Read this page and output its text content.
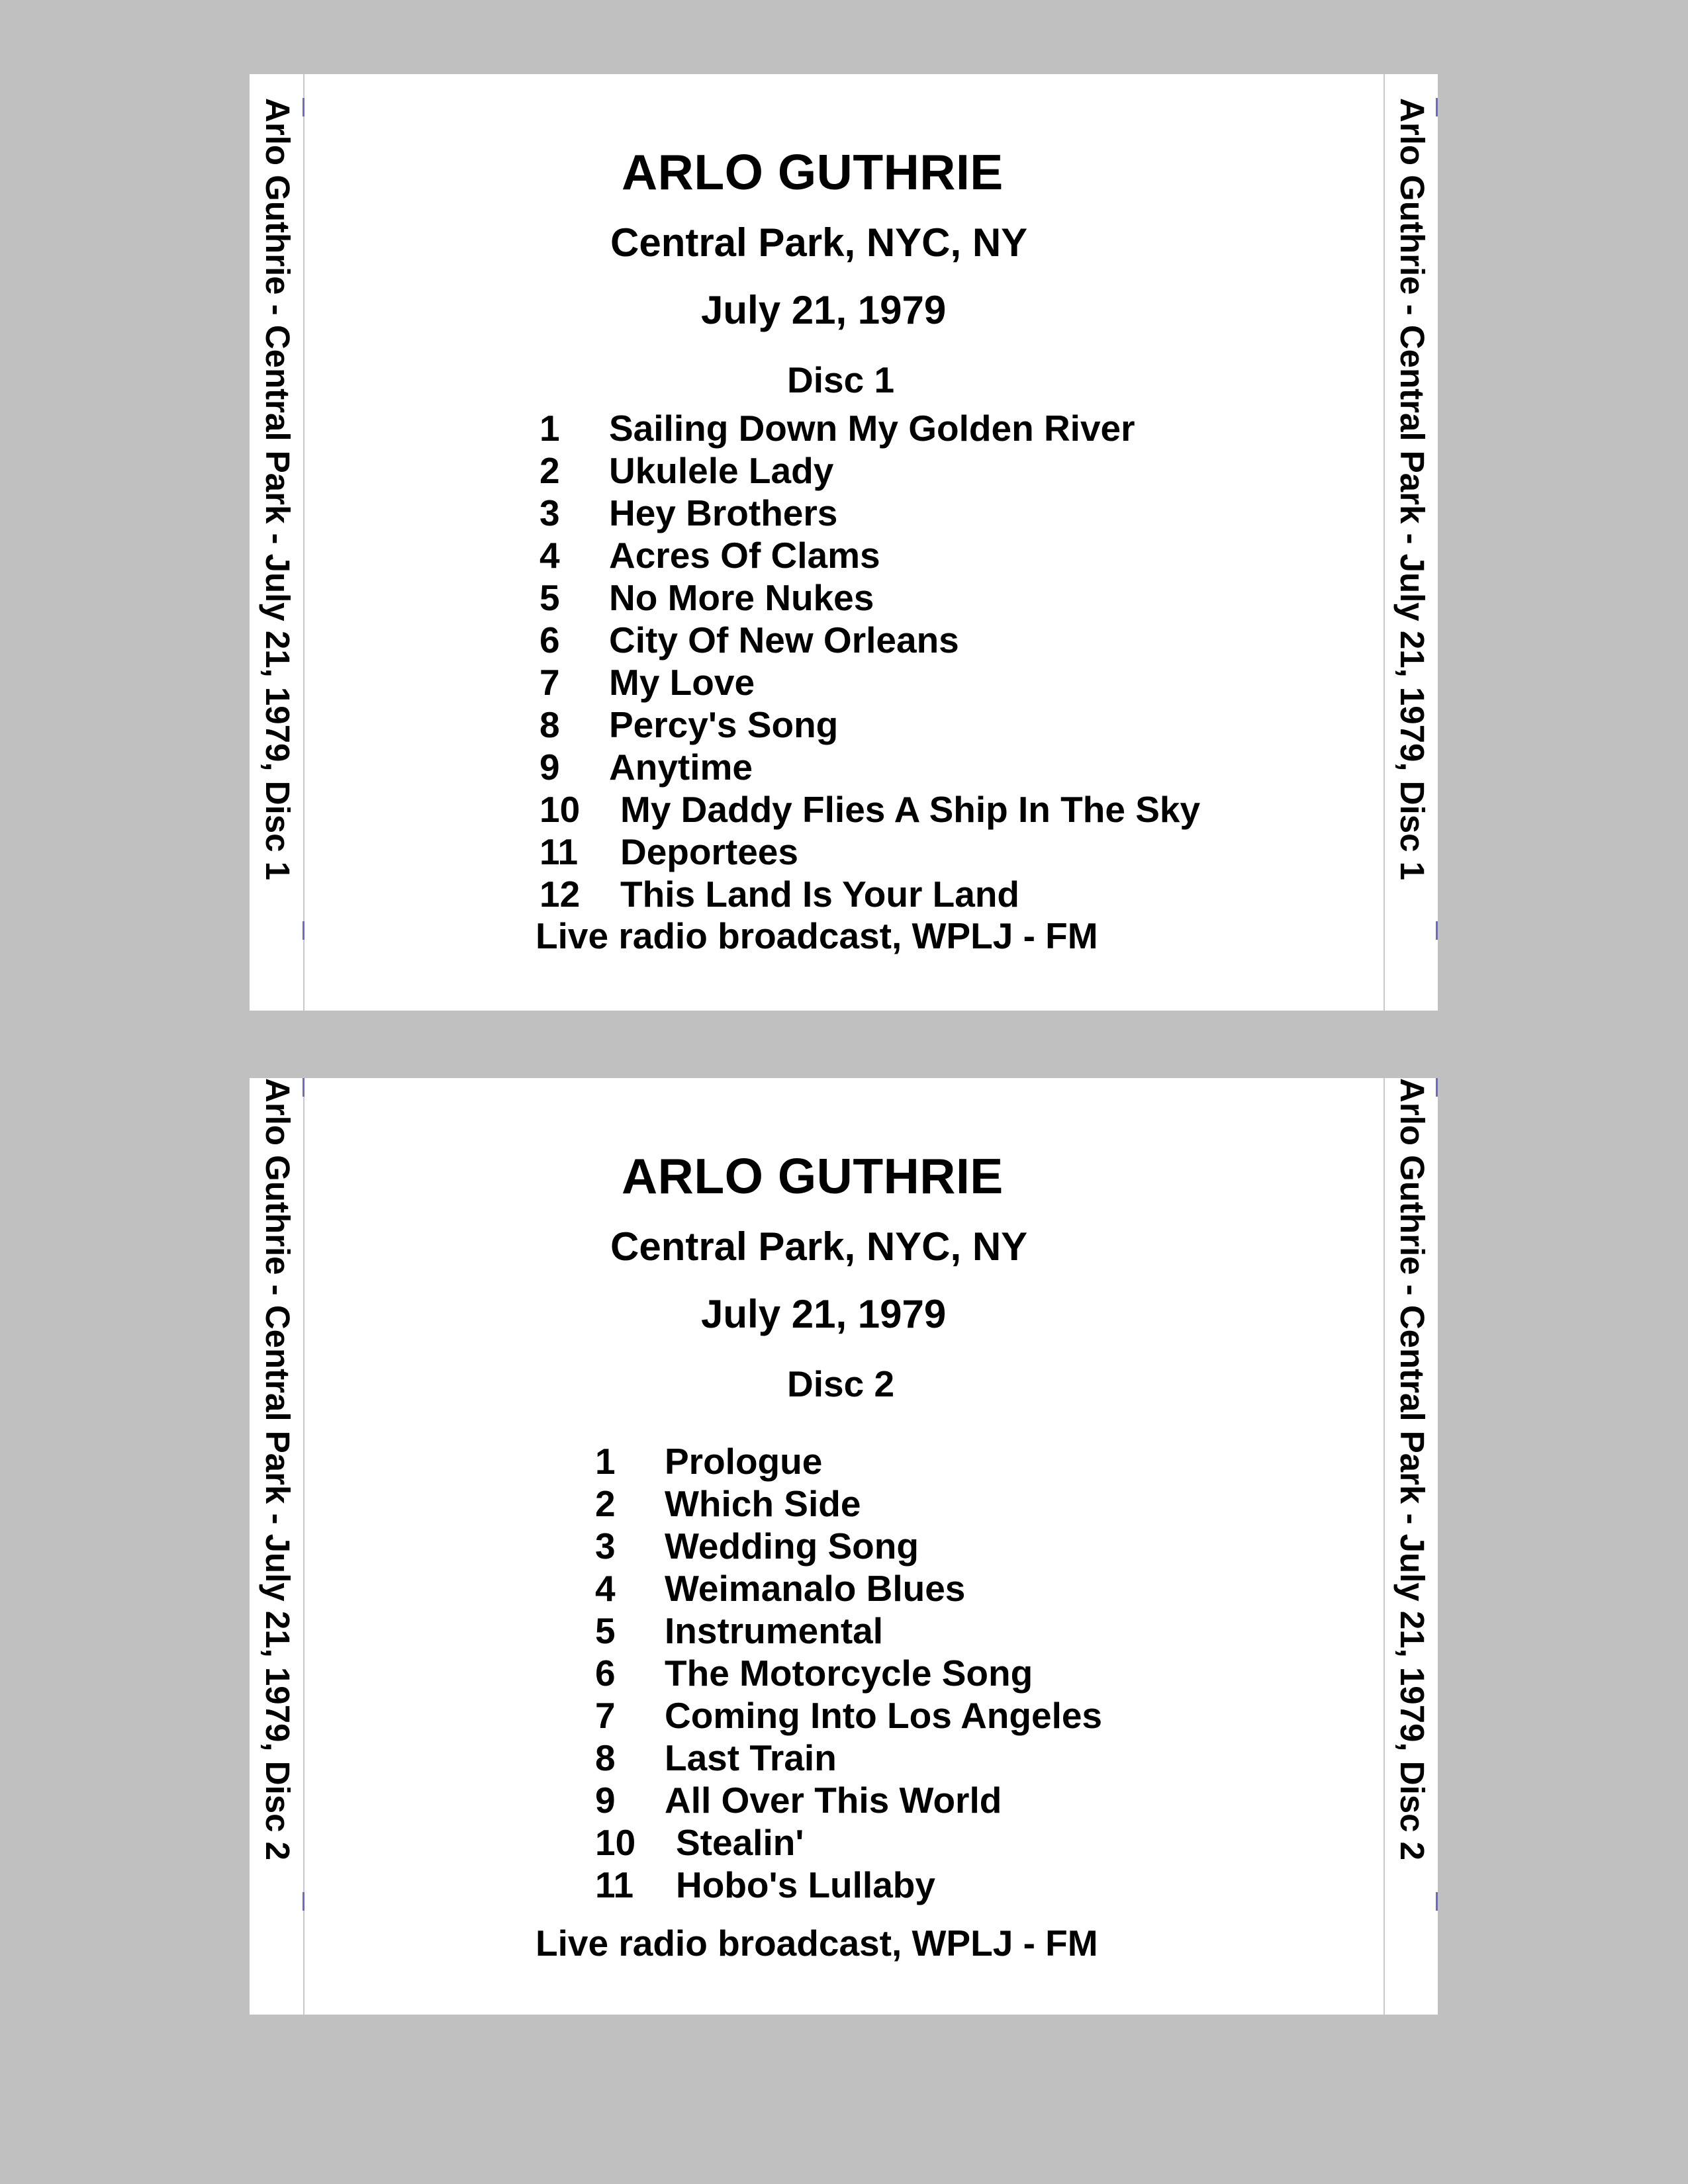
Arlo Guthrie - Central Park - July 21, 1979, Disc 1	Arlo Guthrie - Central Park - July 21, 1979, Disc 1
ARLO GUTHRIE
Central Park, NYC, NY
July 21, 1979
Disc 1
1 Sailing Down My Golden River
2 Ukulele Lady
3 Hey Brothers
4 Acres Of Clams
5 No More Nukes
6 City Of New Orleans
7 My Love
8 Percy's Song
9 Anytime
10 My Daddy Flies A Ship In The Sky
11 Deportees
12 This Land Is Your Land
Live radio broadcast, WPLJ - FM
Arlo Guthrie - Central Park - July 21, 1979, Disc 2	Arlo Guthrie - Central Park - July 21, 1979, Disc 2
ARLO GUTHRIE
Central Park, NYC, NY
July 21, 1979
Disc 2
1 Prologue
2 Which Side
3 Wedding Song
4 Weimanalo Blues
5 Instrumental
6 The Motorcycle Song
7 Coming Into Los Angeles
8 Last Train
9 All Over This World
10 Stealin'
11 Hobo's Lullaby
Live radio broadcast, WPLJ - FM
